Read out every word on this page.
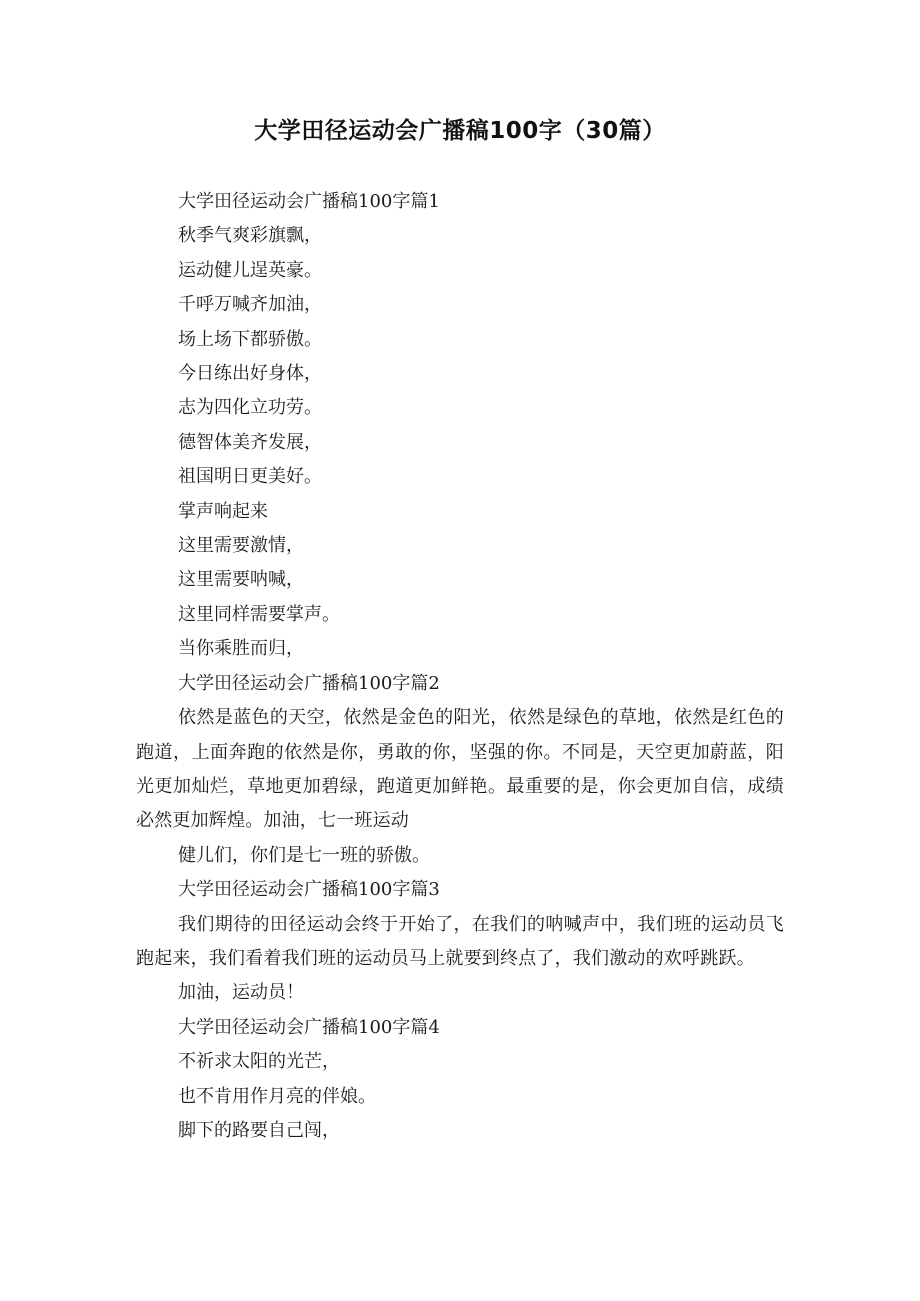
大学田径运动会广播稿100字（30篇）

大学田径运动会广播稿100字篇1

秋季气爽彩旗飘，

运动健儿逞英豪。

千呼万喊齐加油，

场上场下都骄傲。

今日练出好身体，

志为四化立功劳。

德智体美齐发展，

祖国明日更美好。

掌声响起来

这里需要激情，

这里需要呐喊，

这里同样需要掌声。

当你乘胜而归，

大学田径运动会广播稿100字篇2

依然是蓝色的天空，依然是金色的阳光，依然是绿色的草地，依然是红色的跑道，上面奔跑的依然是你，勇敢的你，坚强的你。不同是，天空更加蔚蓝，阳光更加灿烂，草地更加碧绿，跑道更加鲜艳。最重要的是，你会更加自信，成绩必然更加辉煌。加油，七一班运动

健儿们，你们是七一班的骄傲。

大学田径运动会广播稿100字篇3

我们期待的田径运动会终于开始了，在我们的呐喊声中，我们班的运动员飞跑起来，我们看着我们班的运动员马上就要到终点了，我们激动的欢呼跳跃。

加油，运动员！

大学田径运动会广播稿100字篇4

不祈求太阳的光芒，

也不肯用作月亮的伴娘。

脚下的路要自己闯，
